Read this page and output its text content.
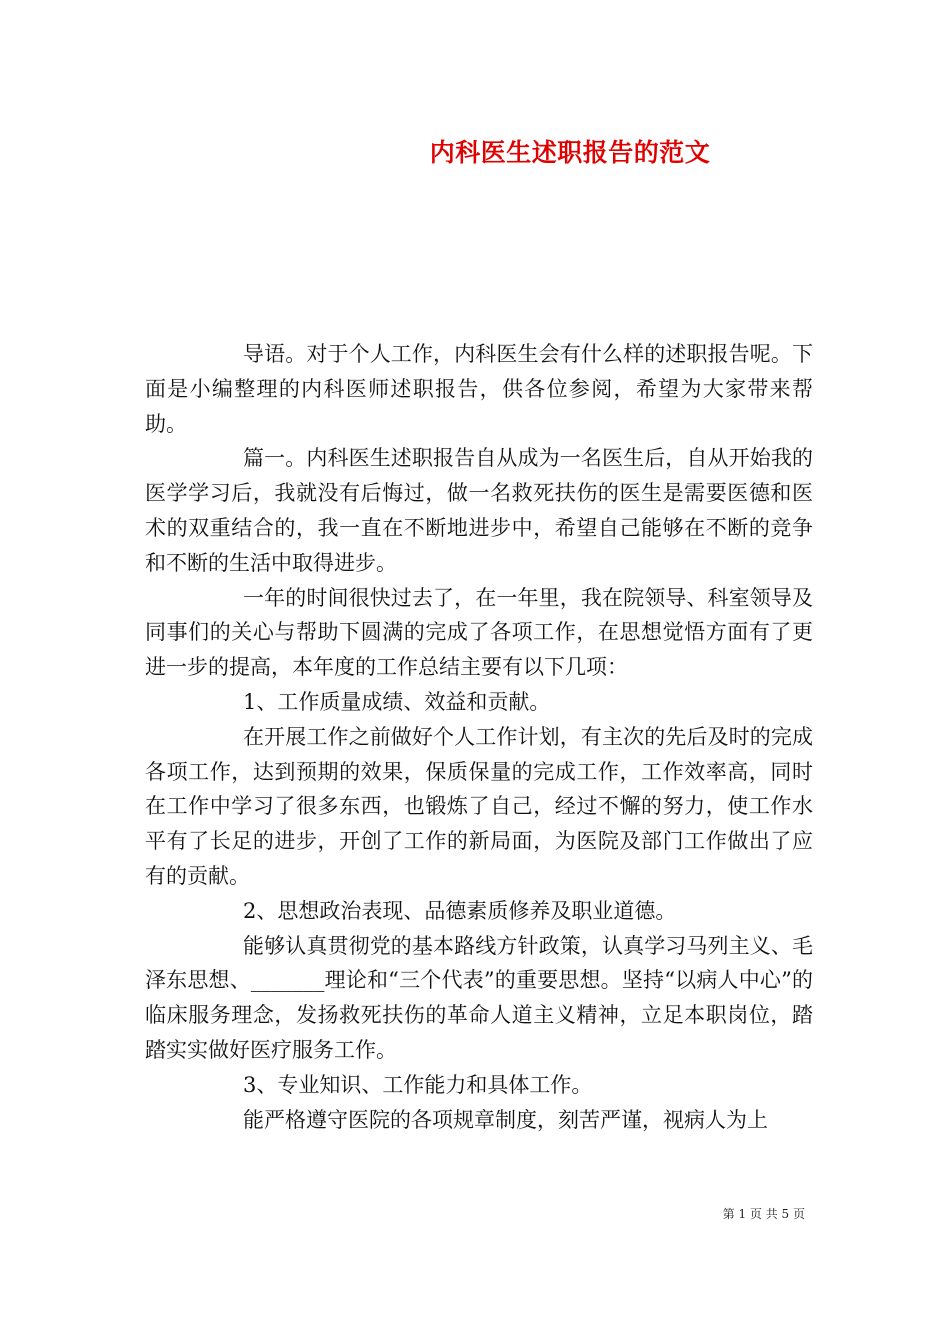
内科医生述职报告的范文

导语。对于个人工作，内科医生会有什么样的述职报告呢。下面是小编整理的内科医师述职报告，供各位参阅，希望为大家带来帮助。

篇一。内科医生述职报告自从成为一名医生后，自从开始我的医学学习后，我就没有后悔过，做一名救死扶伤的医生是需要医德和医术的双重结合的，我一直在不断地进步中，希望自己能够在不断的竞争和不断的生活中取得进步。

一年的时间很快过去了，在一年里，我在院领导、科室领导及同事们的关心与帮助下圆满的完成了各项工作，在思想觉悟方面有了更进一步的提高，本年度的工作总结主要有以下几项：

1、工作质量成绩、效益和贡献。

在开展工作之前做好个人工作计划，有主次的先后及时的完成各项工作，达到预期的效果，保质保量的完成工作，工作效率高，同时在工作中学习了很多东西，也锻炼了自己，经过不懈的努力，使工作水平有了长足的进步，开创了工作的新局面，为医院及部门工作做出了应有的贡献。

2、思想政治表现、品德素质修养及职业道德。

能够认真贯彻党的基本路线方针政策，认真学习马列主义、毛泽东思想、_______理论和“三个代表”的重要思想。坚持“以病人中心”的临床服务理念，发扬救死扶伤的革命人道主义精神，立足本职岗位，踏踏实实做好医疗服务工作。

3、专业知识、工作能力和具体工作。

能严格遵守医院的各项规章制度，刻苦严谨，视病人为上

第 1 页 共 5 页
